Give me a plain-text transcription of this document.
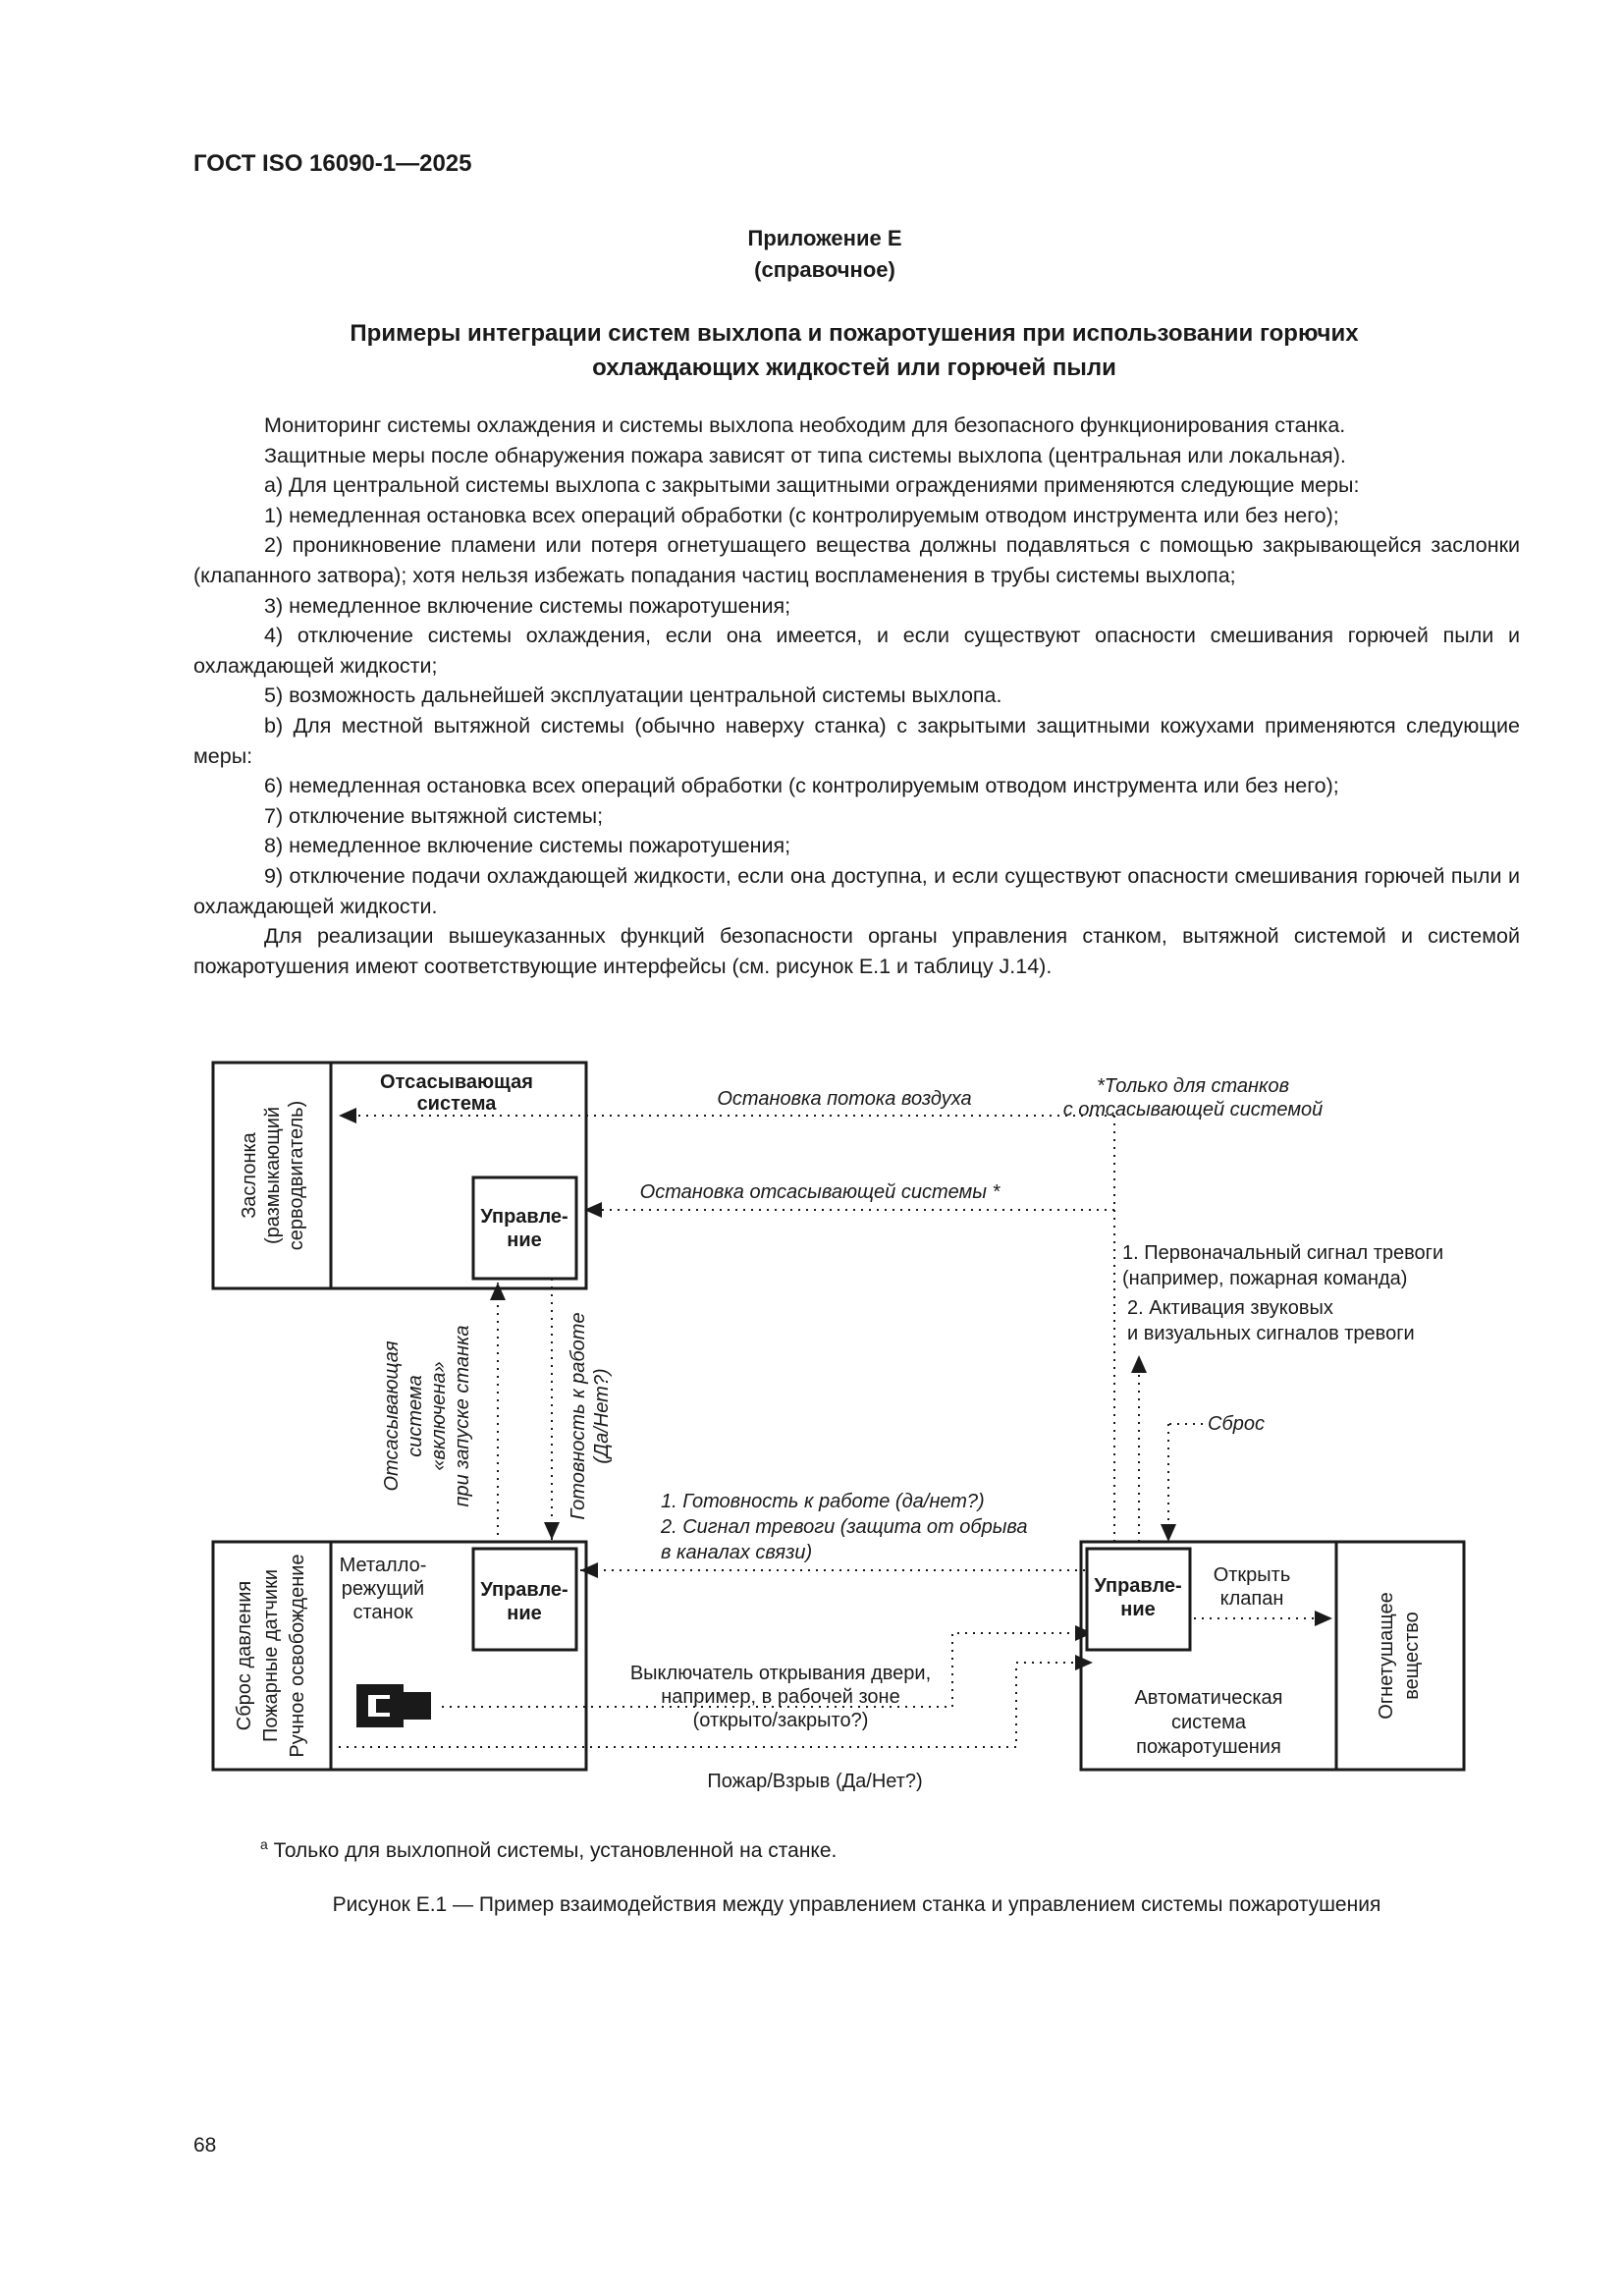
ГОСТ ISO 16090-1—2025
Приложение Е
(справочное)
Примеры интеграции систем выхлопа и пожаротушения при использовании горючих
охлаждающих жидкостей или горючей пыли

Мониторинг системы охлаждения и системы выхлопа необходим для безопасного функционирования станка.

Защитные меры после обнаружения пожара зависят от типа системы выхлопа (центральная или локальная).

a) Для центральной системы выхлопа с закрытыми защитными ограждениями применяются следующие меры:

1) немедленная остановка всех операций обработки (с контролируемым отводом инструмента или без него);

2) проникновение пламени или потеря огнетушащего вещества должны подавляться с помощью закрывающейся заслонки (клапанного затвора); хотя нельзя избежать попадания частиц воспламенения в трубы системы выхлопа;

3) немедленное включение системы пожаротушения;

4) отключение системы охлаждения, если она имеется, и если существуют опасности смешивания горючей пыли и охлаждающей жидкости;

5) возможность дальнейшей эксплуатации центральной системы выхлопа.

b) Для местной вытяжной системы (обычно наверху станка) с закрытыми защитными кожухами применяются следующие меры:

6) немедленная остановка всех операций обработки (с контролируемым отводом инструмента или без него);

7) отключение вытяжной системы;

8) немедленное включение системы пожаротушения;

9) отключение подачи охлаждающей жидкости, если она доступна, и если существуют опасности смешивания горючей пыли и охлаждающей жидкости.

Для реализации вышеуказанных функций безопасности органы управления станком, вытяжной системой и системой пожаротушения имеют соответствующие интерфейсы (см. рисунок Е.1 и таблицу J.14).

Отсасывающая
система
Заслонка (размыкающий серводвигатель)	Управле-
ние
*Только для станков
с отсасывающей системой
Остановка потока воздуха
Остановка отсасывающей системы *
1. Первоначальный сигнал тревоги
(например, пожарная команда)
2. Активация звуковых
и визуальных сигналов тревоги
Сброс
Отсасывающая система «включена» при запуске станка	Готовность к работе (Да/Нет?)
1. Готовность к работе (да/нет?)
2. Сигнал тревоги (защита от обрыва
в каналах связи)
Сброс давления Пожарные датчики Ручное освобождение Металло-
режущий
станок
Управле-
ние
Выключатель открывания двери,
например, в рабочей зоне
(открыто/закрыто?)
Пожар/Взрыв (Да/Нет?)
Управле-
ние
Открыть
клапан
Автоматическая
система
пожаротушения
Огнетушащее вещество
$^a$ Только для выхлопной системы, установленной на станке.
Рисунок Е.1 — Пример взаимодействия между управлением станка и управлением системы пожаротушения
68
